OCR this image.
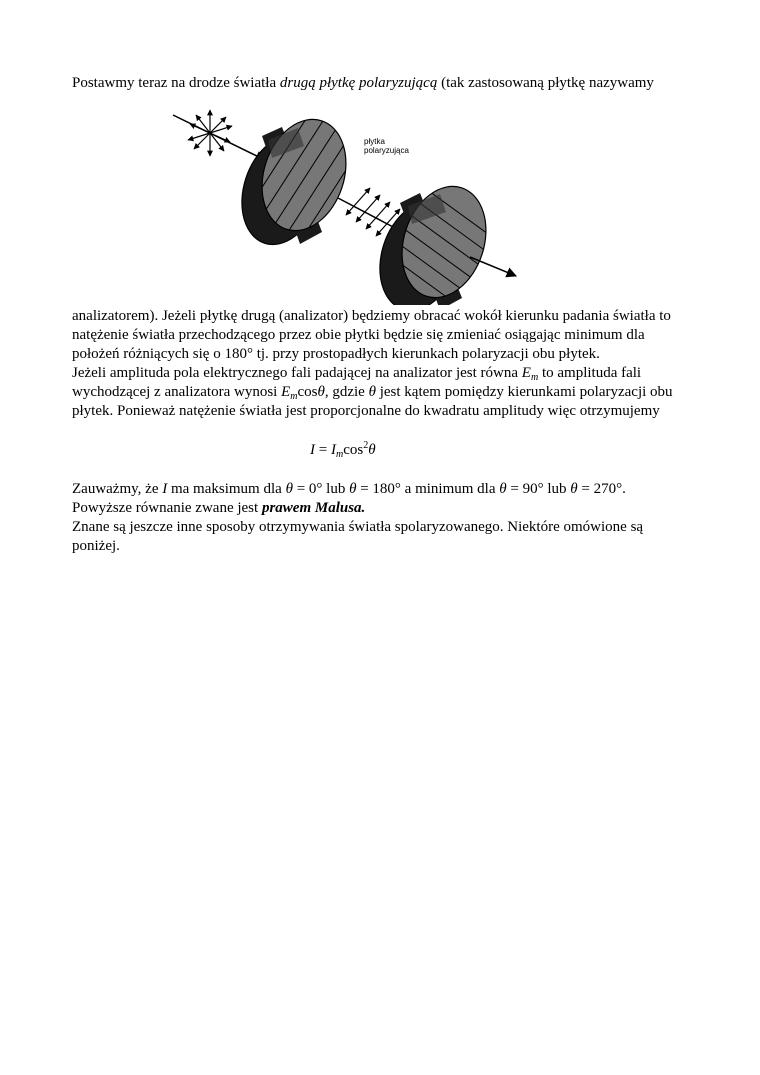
Postawmy teraz na drodze światła drugą płytkę polaryzującą (tak zastosowaną płytkę nazywamy
płytka
polaryzująca
analizatorem). Jeżeli płytkę drugą (analizator) będziemy obracać wokół kierunku padania światła to
natężenie światła przechodzącego przez obie płytki będzie się zmieniać osiągając minimum dla
położeń różniących się o 180° tj. przy prostopadłych kierunkach polaryzacji obu płytek.
Jeżeli amplituda pola elektrycznego fali padającej na analizator jest równa $E_m$ to amplituda fali
wychodzącej z analizatora wynosi $E_m\cos\theta$, gdzie θ jest kątem pomiędzy kierunkami polaryzacji obu
płytek. Ponieważ natężenie światła jest proporcjonalne do kwadratu amplitudy więc otrzymujemy
$I = I_m\cos^2\theta$
Zauważmy, że I ma maksimum dla θ = 0° lub θ = 180° a minimum dla θ = 90° lub θ = 270°.
Powyższe równanie zwane jest prawem Malusa.
Znane są jeszcze inne sposoby otrzymywania światła spolaryzowanego. Niektóre omówione są
poniżej.
